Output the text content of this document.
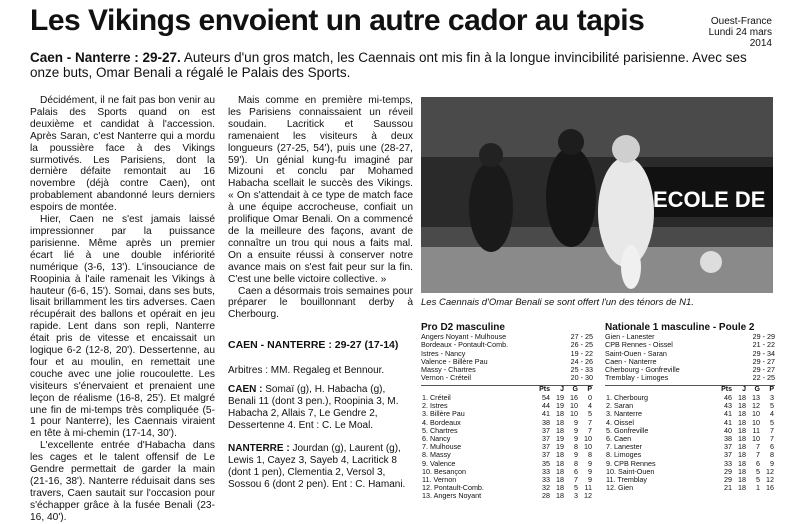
Les Vikings envoient un autre cador au tapis	Ouest-France
Lundi 24 mars 2014
Caen - Nanterre : 29-27. Auteurs d'un gros match, les Caennais ont mis fin à la longue invincibilité parisienne. Avec ses onze buts, Omar Benali a régalé le Palais des Sports.

Décidément, il ne fait pas bon venir au Palais des Sports quand on est deuxième et candidat à l'accession. Après Saran, c'est Nanterre qui a mordu la poussière face à des Vikings surmotivés. Les Parisiens, dont la dernière défaite remontait au 16 novembre (déjà contre Caen), ont probablement abandonné leurs derniers espoirs de montée.

Hier, Caen ne s'est jamais laissé impressionner par la puissance parisienne. Même après un premier écart lié à une double infériorité numérique (3-6, 13'). L'insouciance de Roopinia à l'aile ramenait les Vikings à hauteur (6-6, 15'). Somai, dans ses buts, lisait brillamment les tirs adverses. Caen récupérait des ballons et opérait en jeu rapide. Lent dans son repli, Nanterre était pris de vitesse et encaissait un logique 6-2 (12-8, 20'). Dessertenne, au four et au moulin, en remettait une couche avec une jolie roucoulette. Les visiteurs s'énervaient et prenaient une leçon de réalisme (16-8, 25'). Et malgré une fin de mi-temps très compliquée (5-1 pour Nanterre), les Caennais viraient en tête à mi-chemin (17-14, 30').

L'excellente entrée d'Habacha dans les cages et le talent offensif de Le Gendre permettait de garder la main (21-16, 38'). Nanterre réduisait dans ses travers, Caen sautait sur l'occasion pour s'échapper grâce à la fusée Benali (23-16, 40').

Mais comme en première mi-temps, les Parisiens connaissaient un réveil soudain. Lacritick et Saussou ramenaient les visiteurs à deux longueurs (27-25, 54'), puis une (28-27, 59'). Un génial kung-fu imaginé par Mizouni et conclu par Mohamed Habacha scellait le succès des Vikings. « On s'attendait à ce type de match face à une équipe accrocheuse, confiait un prolifique Omar Benali. On a commencé de la meilleure des façons, avant de connaître un trou qui nous a faits mal. On a ensuite réussi à conserver notre avance mais on s'est fait peur sur la fin. C'est une belle victoire collective. »

Caen a désormais trois semaines pour préparer le bouillonnant derby à Cherbourg.

ECOLE DE
Les Caennais d'Omar Benali se sont offert l'un des ténors de N1.
CAEN - NANTERRE : 29-27 (17-14)
Arbitres : MM. Regaleg et Bennour.
CAEN : Somaï (g), H. Habacha (g), Benali 11 (dont 3 pen.), Roopinia 3, M. Habacha 2, Allais 7, Le Gendre 2, Dessertenne 4. Ent : C. Le Moal.
NANTERRE : Jourdan (g), Laurent (g), Lewis 1, Cayez 3, Sayeb 4, Lacritick 8 (dont 1 pen), Clementia 2, Versol 3, Sossou 6 (dont 2 pen). Ent : C. Hamani.
Pro D2 masculine
Angers Noyant - Mulhouse	27 - 25
Bordeaux - Pontault-Comb.	26 - 25
Istres - Nancy	19 - 22
Valence - Billère Pau	24 - 26
Massy - Chartres	25 - 33
Vernon - Créteil	20 - 30
	Pts	J	G	P
1. Créteil	54	19	16	0
2. Istres	44	19	10	4
3. Billère Pau	41	18	10	5
4. Bordeaux	38	18	9	7
5. Chartres	37	18	9	7
6. Nancy	37	19	9	10
7. Mulhouse	37	19	8	10
8. Massy	37	18	9	8
9. Valence	35	18	8	9
10. Besançon	33	18	6	9
11. Vernon	33	18	7	9
12. Pontault-Comb.	32	18	5	11
13. Angers Noyant	28	18	3	12
Nationale 1 masculine - Poule 2
Gien - Lanester	29 - 29
CPB Rennes - Oissel	21 - 22
Saint-Ouen - Saran	29 - 34
Caen - Nanterre	29 - 27
Cherbourg - Gonfreville	29 - 27
Tremblay - Limoges	22 - 25
	Pts	J	G	P
1. Cherbourg	46	18	13	3
2. Saran	43	18	12	5
3. Nanterre	41	18	10	4
4. Oissel	41	18	10	5
5. Gonfreville	40	18	11	7
6. Caen	38	18	10	7
7. Lanester	37	18	7	6
8. Limoges	37	18	7	8
9. CPB Rennes	33	18	6	9
10. Saint-Ouen	29	18	5	12
11. Tremblay	29	18	5	12
12. Gien	21	18	1	16
